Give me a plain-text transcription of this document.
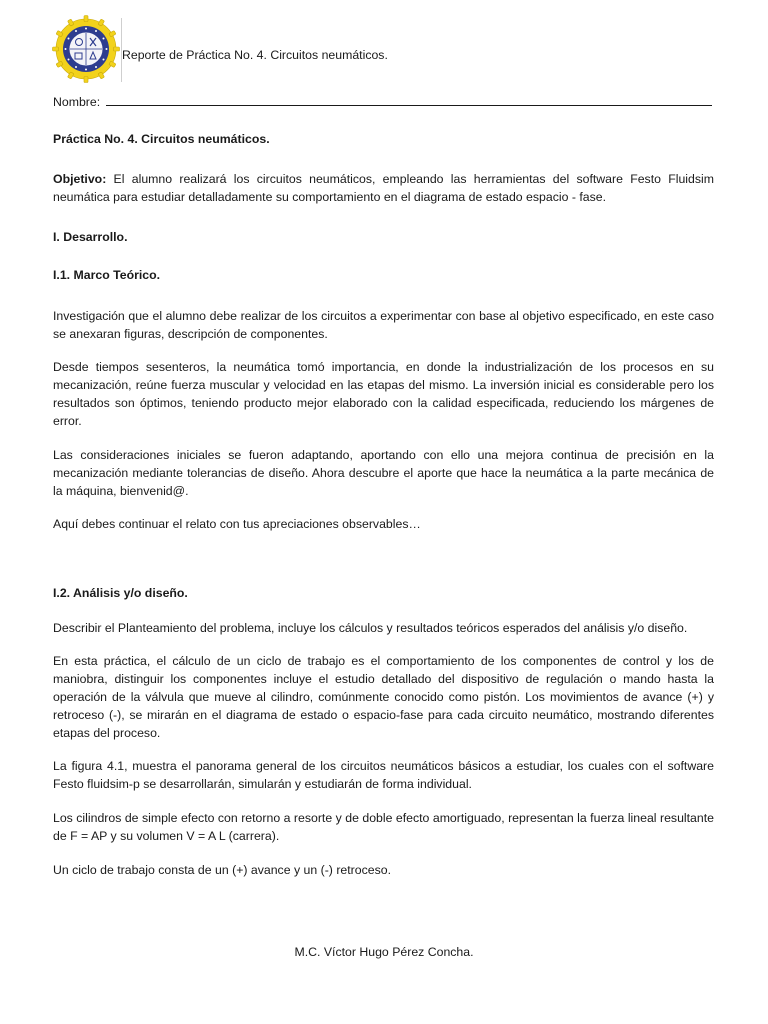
Reporte de Práctica No. 4. Circuitos neumáticos.
Nombre:

Práctica No. 4. Circuitos neumáticos.

Objetivo: El alumno realizará los circuitos neumáticos, empleando las herramientas del software Festo Fluidsim neumática para estudiar detalladamente su comportamiento en el diagrama de estado espacio - fase.

I. Desarrollo.

I.1. Marco Teórico.

Investigación que el alumno debe realizar de los circuitos a experimentar con base al objetivo especificado, en este caso se anexaran figuras, descripción de componentes.

Desde tiempos sesenteros, la neumática tomó importancia, en donde la industrialización de los procesos en su mecanización, reúne fuerza muscular y velocidad en las etapas del mismo. La inversión inicial es considerable pero los resultados son óptimos, teniendo producto mejor elaborado con la calidad especificada, reduciendo los márgenes de error.

Las consideraciones iniciales se fueron adaptando, aportando con ello una mejora continua de precisión en la mecanización mediante tolerancias de diseño. Ahora descubre el aporte que hace la neumática a la parte mecánica de la máquina, bienvenid@.

Aquí debes continuar el relato con tus apreciaciones observables…

I.2. Análisis y/o diseño.

Describir el Planteamiento del problema, incluye los cálculos y resultados teóricos esperados del análisis y/o diseño.

En esta práctica, el cálculo de un ciclo de trabajo es el comportamiento de los componentes de control y los de maniobra, distinguir los componentes incluye el estudio detallado del dispositivo de regulación o mando hasta la operación de la válvula que mueve al cilindro, comúnmente conocido como pistón. Los movimientos de avance (+) y retroceso (-), se mirarán en el diagrama de estado o espacio-fase para cada circuito neumático, mostrando diferentes etapas del proceso.

La figura 4.1, muestra el panorama general de los circuitos neumáticos básicos a estudiar, los cuales con el software Festo fluidsim-p se desarrollarán, simularán y estudiarán de forma individual.

Los cilindros de simple efecto con retorno a resorte y de doble efecto amortiguado, representan la fuerza lineal resultante de F = AP y su volumen V = A L (carrera).

Un ciclo de trabajo consta de un (+) avance y un (-) retroceso.

M.C. Víctor Hugo Pérez Concha.
